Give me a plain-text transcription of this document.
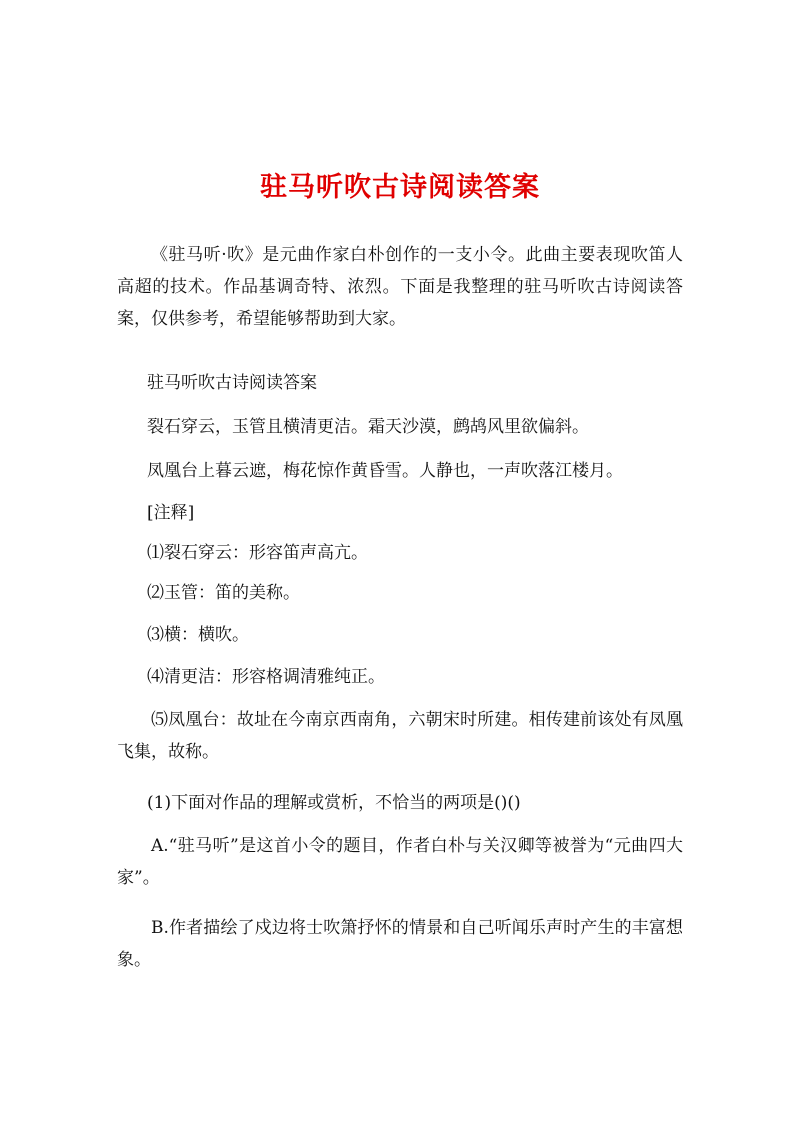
驻马听吹古诗阅读答案

《驻马听·吹》是元曲作家白朴创作的一支小令。此曲主要表现吹笛人高超的技术。作品基调奇特、浓烈。下面是我整理的驻马听吹古诗阅读答案，仅供参考，希望能够帮助到大家。

驻马听吹古诗阅读答案
裂石穿云，玉管且横清更洁。霜天沙漠，鹧鸪风里欲偏斜。
凤凰台上暮云遮，梅花惊作黄昏雪。人静也，一声吹落江楼月。
[注释]
⑴裂石穿云：形容笛声高亢。
⑵玉管：笛的美称。
⑶横：横吹。
⑷清更洁：形容格调清雅纯正。

⑸凤凰台：故址在今南京西南角，六朝宋时所建。相传建前该处有凤凰飞集，故称。

(1)下面对作品的理解或赏析，不恰当的两项是()()

A.“驻马听”是这首小令的题目，作者白朴与关汉卿等被誉为“元曲四大家”。

B.作者描绘了戍边将士吹箫抒怀的情景和自己听闻乐声时产生的丰富想象。
